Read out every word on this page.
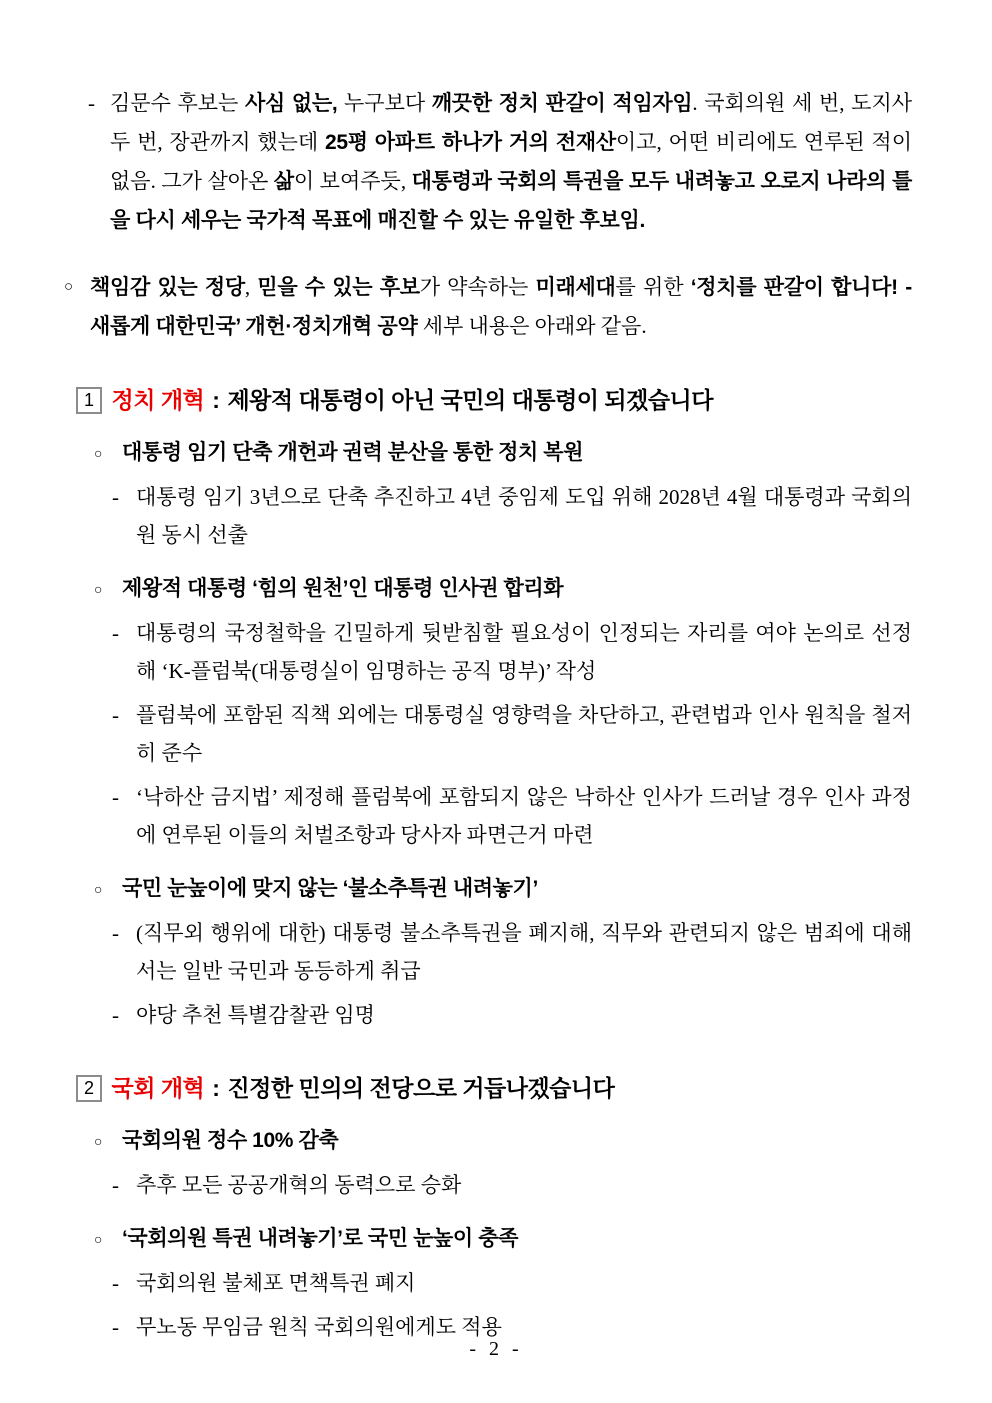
- 김문수 후보는 사심 없는, 누구보다 깨끗한 정치 판갈이 적임자임. 국회의원 세 번, 도지사 두 번, 장관까지 했는데 25평 아파트 하나가 거의 전재산이고, 어떤 비리에도 연루된 적이 없음. 그가 살아온 삶이 보여주듯, 대통령과 국회의 특권을 모두 내려놓고 오로지 나라의 틀을 다시 세우는 국가적 목표에 매진할 수 있는 유일한 후보임.
○ 책임감 있는 정당, 믿을 수 있는 후보가 약속하는 미래세대를 위한 ‘정치를 판갈이 합니다! - 새롭게 대한민국’ 개헌·정치개혁 공약 세부 내용은 아래와 같음.
1 정치 개혁 : 제왕적 대통령이 아닌 국민의 대통령이 되겠습니다
○ 대통령 임기 단축 개헌과 권력 분산을 통한 정치 복원
- 대통령 임기 3년으로 단축 추진하고 4년 중임제 도입 위해 2028년 4월 대통령과 국회의원 동시 선출
○ 제왕적 대통령 ‘힘의 원천’인 대통령 인사권 합리화
- 대통령의 국정철학을 긴밀하게 뒷받침할 필요성이 인정되는 자리를 여야 논의로 선정해 ‘K-플럼북(대통령실이 임명하는 공직 명부)’ 작성
- 플럼북에 포함된 직책 외에는 대통령실 영향력을 차단하고, 관련법과 인사 원칙을 철저히 준수
- ‘낙하산 금지법’ 제정해 플럼북에 포함되지 않은 낙하산 인사가 드러날 경우 인사 과정에 연루된 이들의 처벌조항과 당사자 파면근거 마련
○ 국민 눈높이에 맞지 않는 ‘불소추특권 내려놓기’
- (직무외 행위에 대한) 대통령 불소추특권을 폐지해, 직무와 관련되지 않은 범죄에 대해서는 일반 국민과 동등하게 취급
- 야당 추천 특별감찰관 임명
2 국회 개혁 : 진정한 민의의 전당으로 거듭나겠습니다
○ 국회의원 정수 10% 감축
- 추후 모든 공공개혁의 동력으로 승화
○ ‘국회의원 특권 내려놓기’로 국민 눈높이 충족
- 국회의원 불체포 면책특권 폐지
- 무노동 무임금 원칙 국회의원에게도 적용
- 2 -
